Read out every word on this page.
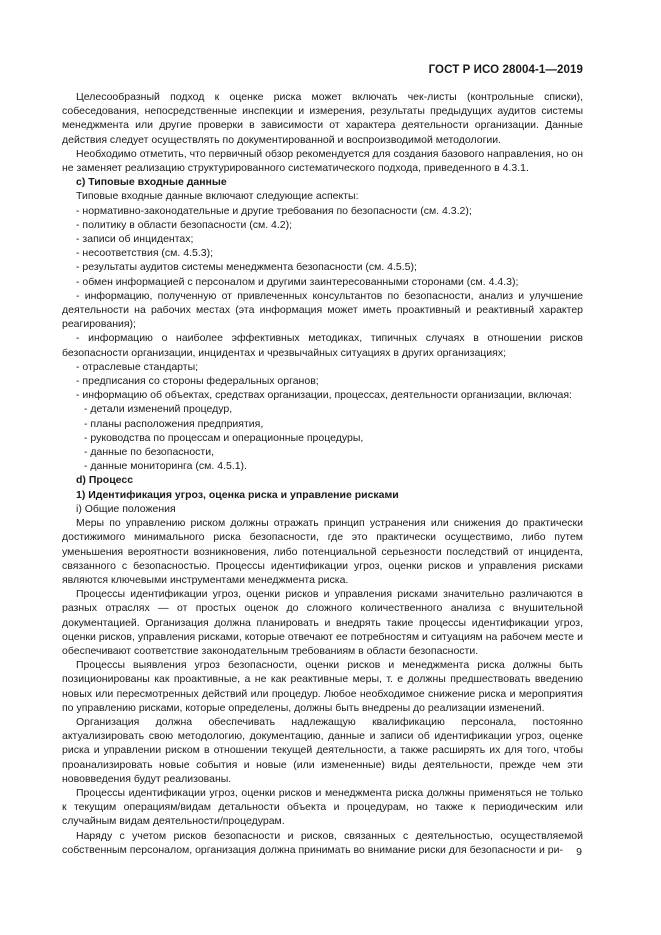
ГОСТ Р ИСО 28004-1—2019

Целесообразный подход к оценке риска может включать чек-листы (контрольные списки), собеседования, непосредственные инспекции и измерения, результаты предыдущих аудитов системы менеджмента или другие проверки в зависимости от характера деятельности организации. Данные действия следует осуществлять по документированной и воспроизводимой методологии.

Необходимо отметить, что первичный обзор рекомендуется для создания базового направления, но он не заменяет реализацию структурированного систематического подхода, приведенного в 4.3.1.

c) Типовые входные данные

Типовые входные данные включают следующие аспекты:

- нормативно-законодательные и другие требования по безопасности (см. 4.3.2);

- политику в области безопасности (см. 4.2);

- записи об инцидентах;

- несоответствия (см. 4.5.3);

- результаты аудитов системы менеджмента безопасности (см. 4.5.5);

- обмен информацией с персоналом и другими заинтересованными сторонами (см. 4.4.3);

- информацию, полученную от привлеченных консультантов по безопасности, анализ и улучшение деятельности на рабочих местах (эта информация может иметь проактивный и реактивный характер реагирования);

- информацию о наиболее эффективных методиках, типичных случаях в отношении рисков безопасности организации, инцидентах и чрезвычайных ситуациях в других организациях;

- отраслевые стандарты;

- предписания со стороны федеральных органов;

- информацию об объектах, средствах организации, процессах, деятельности организации, включая:

- детали изменений процедур,

- планы расположения предприятия,

- руководства по процессам и операционные процедуры,

- данные по безопасности,

- данные мониторинга (см. 4.5.1).

d) Процесс

1) Идентификация угроз, оценка риска и управление рисками

i) Общие положения

Меры по управлению риском должны отражать принцип устранения или снижения до практически достижимого минимального риска безопасности, где это практически осуществимо, либо путем уменьшения вероятности возникновения, либо потенциальной серьезности последствий от инцидента, связанного с безопасностью. Процессы идентификации угроз, оценки рисков и управления рисками являются ключевыми инструментами менеджмента риска.

Процессы идентификации угроз, оценки рисков и управления рисками значительно различаются в разных отраслях — от простых оценок до сложного количественного анализа с внушительной документацией. Организация должна планировать и внедрять такие процессы идентификации угроз, оценки рисков, управления рисками, которые отвечают ее потребностям и ситуациям на рабочем месте и обеспечивают соответствие законодательным требованиям в области безопасности.

Процессы выявления угроз безопасности, оценки рисков и менеджмента риска должны быть позиционированы как проактивные, а не как реактивные меры, т. е должны предшествовать введению новых или пересмотренных действий или процедур. Любое необходимое снижение риска и мероприятия по управлению рисками, которые определены, должны быть внедрены до реализации изменений.

Организация должна обеспечивать надлежащую квалификацию персонала, постоянно актуализировать свою методологию, документацию, данные и записи об идентификации угроз, оценке риска и управлении риском в отношении текущей деятельности, а также расширять их для того, чтобы проанализировать новые события и новые (или измененные) виды деятельности, прежде чем эти нововведения будут реализованы.

Процессы идентификации угроз, оценки рисков и менеджмента риска должны применяться не только к текущим операциям/видам детальности объекта и процедурам, но также к периодическим или случайным видам деятельности/процедурам.

Наряду с учетом рисков безопасности и рисков, связанных с деятельностью, осуществляемой собственным персоналом, организация должна принимать во внимание риски для безопасности и ри-	9
